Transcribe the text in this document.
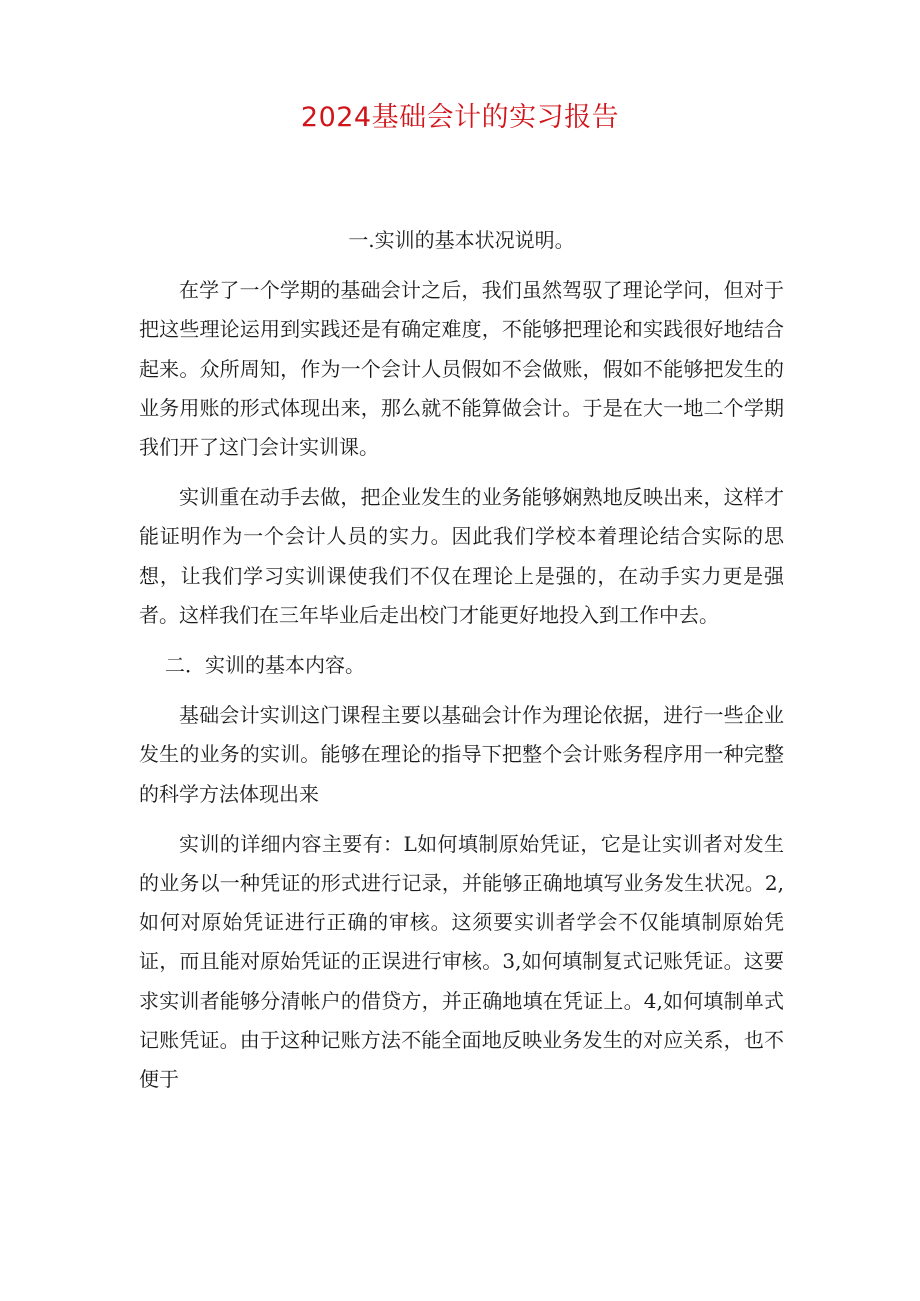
2024基础会计的实习报告

一.实训的基本状况说明。

在学了一个学期的基础会计之后，我们虽然驾驭了理论学问，但对于把这些理论运用到实践还是有确定难度，不能够把理论和实践很好地结合起来。众所周知，作为一个会计人员假如不会做账，假如不能够把发生的业务用账的形式体现出来，那么就不能算做会计。于是在大一地二个学期我们开了这门会计实训课。

实训重在动手去做，把企业发生的业务能够娴熟地反映出来，这样才能证明作为一个会计人员的实力。因此我们学校本着理论结合实际的思想，让我们学习实训课使我们不仅在理论上是强的，在动手实力更是强者。这样我们在三年毕业后走出校门才能更好地投入到工作中去。

二．实训的基本内容。

基础会计实训这门课程主要以基础会计作为理论依据，进行一些企业发生的业务的实训。能够在理论的指导下把整个会计账务程序用一种完整的科学方法体现出来

实训的详细内容主要有：L如何填制原始凭证，它是让实训者对发生的业务以一种凭证的形式进行记录，并能够正确地填写业务发生状况。2,如何对原始凭证进行正确的审核。这须要实训者学会不仅能填制原始凭证，而且能对原始凭证的正误进行审核。3,如何填制复式记账凭证。这要求实训者能够分清帐户的借贷方，并正确地填在凭证上。4,如何填制单式记账凭证。由于这种记账方法不能全面地反映业务发生的对应关系，也不便于
